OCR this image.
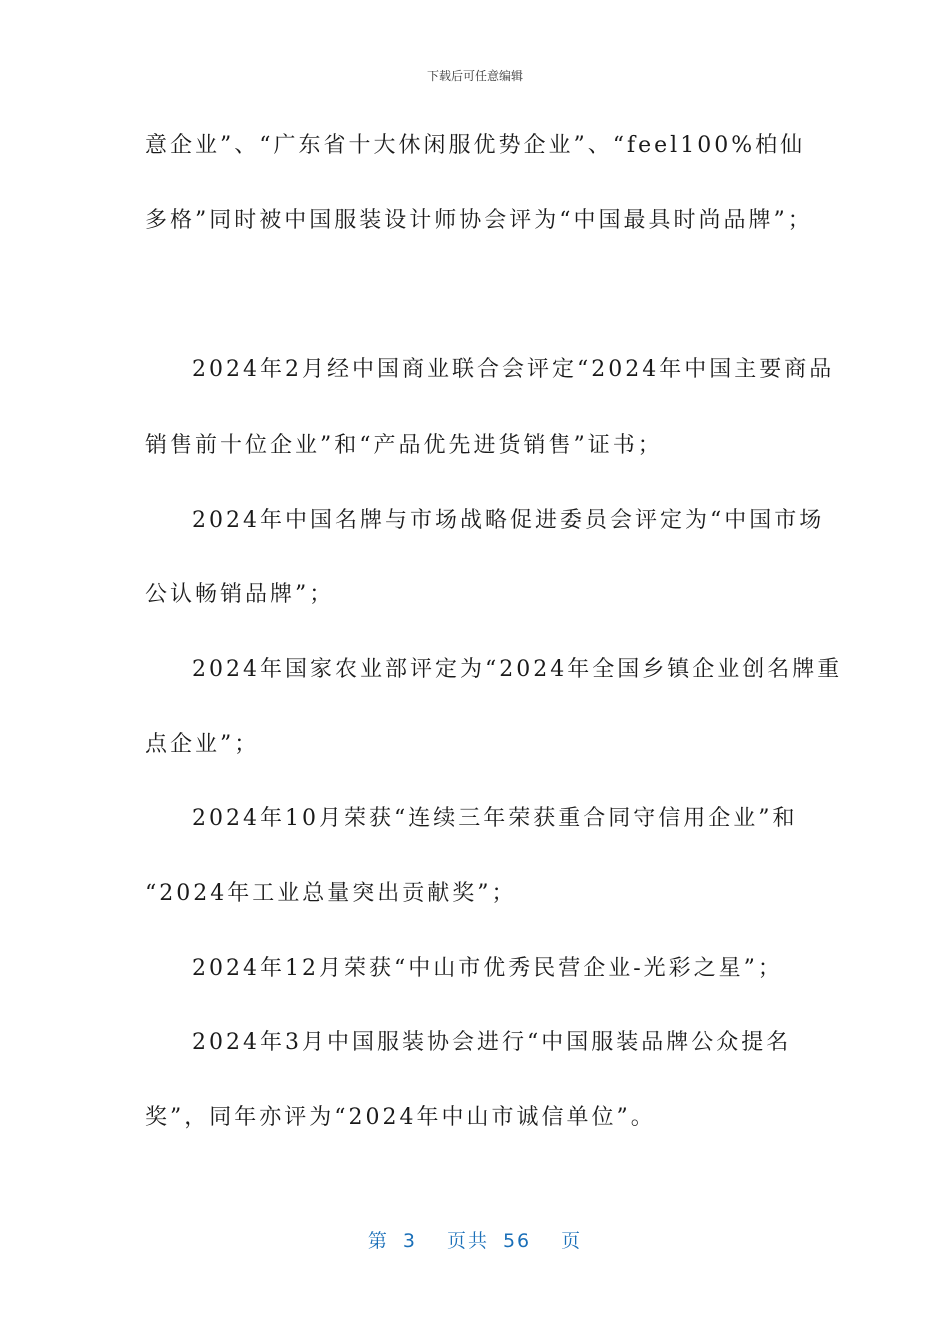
下载后可任意编辑
意企业”、“广东省十大休闲服优势企业”、“feel100%柏仙
多格”同时被中国服装设计师协会评为“中国最具时尚品牌”；
2024年2月经中国商业联合会评定“2024年中国主要商品
销售前十位企业”和“产品优先进货销售”证书；
2024年中国名牌与市场战略促进委员会评定为“中国市场
公认畅销品牌”；
2024年国家农业部评定为“2024年全国乡镇企业创名牌重
点企业”；
2024年10月荣获“连续三年荣获重合同守信用企业”和
“2024年工业总量突出贡献奖”；
2024年12月荣获“中山市优秀民营企业-光彩之星”；
2024年3月中国服装协会进行“中国服装品牌公众提名
奖”，同年亦评为“2024年中山市诚信单位”。
第 3 页共 56 页
